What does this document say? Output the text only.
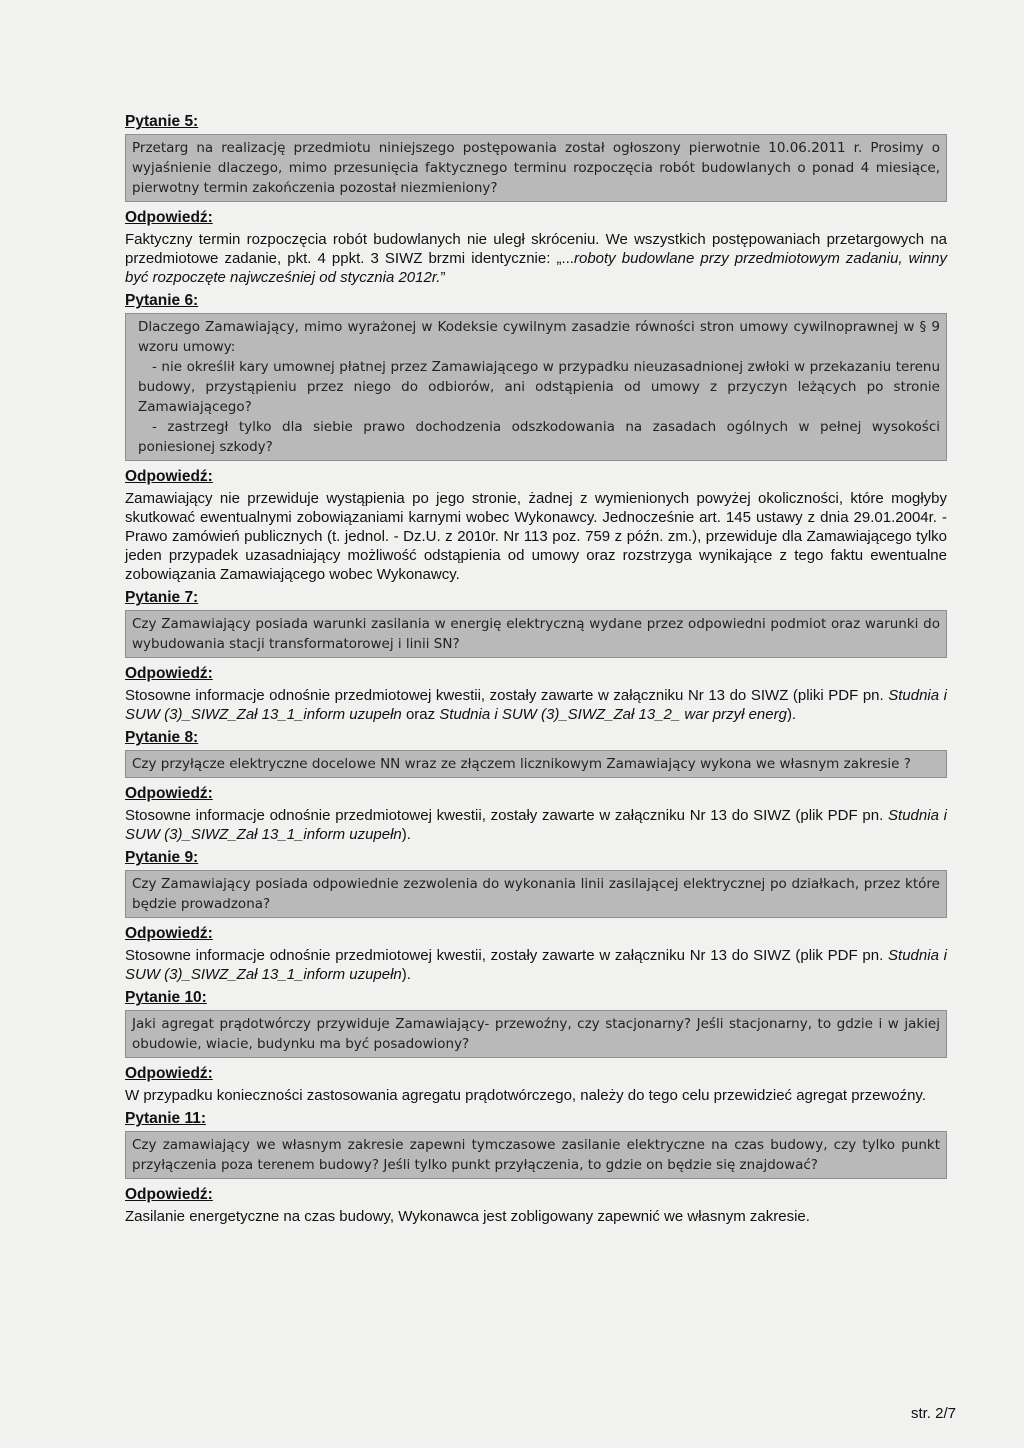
Pytanie 5:
Przetarg na realizację przedmiotu niniejszego postępowania został ogłoszony pierwotnie 10.06.2011 r. Prosimy o wyjaśnienie dlaczego, mimo przesunięcia faktycznego terminu rozpoczęcia robót budowlanych o ponad 4 miesiące, pierwotny termin zakończenia pozostał niezmieniony?
Odpowiedź:
Faktyczny termin rozpoczęcia robót budowlanych nie uległ skróceniu. We wszystkich postępowaniach przetargowych na przedmiotowe zadanie, pkt. 4 ppkt. 3 SIWZ brzmi identycznie: „...roboty budowlane przy przedmiotowym zadaniu, winny być rozpoczęte najwcześniej od stycznia 2012r.”
Pytanie 6:
Dlaczego Zamawiający, mimo wyrażonej w Kodeksie cywilnym zasadzie równości stron umowy cywilnoprawnej w § 9 wzoru umowy:
- nie określił kary umownej płatnej przez Zamawiającego w przypadku nieuzasadnionej zwłoki w przekazaniu terenu budowy, przystąpieniu przez niego do odbiorów, ani odstąpienia od umowy z przyczyn leżących po stronie Zamawiającego?
- zastrzegł tylko dla siebie prawo dochodzenia odszkodowania na zasadach ogólnych w pełnej wysokości poniesionej szkody?
Odpowiedź:
Zamawiający nie przewiduje wystąpienia po jego stronie, żadnej z wymienionych powyżej okoliczności, które mogłyby skutkować ewentualnymi zobowiązaniami karnymi wobec Wykonawcy. Jednocześnie art. 145 ustawy z dnia 29.01.2004r. - Prawo zamówień publicznych (t. jednol. - Dz.U. z 2010r. Nr 113 poz. 759 z późn. zm.), przewiduje dla Zamawiającego tylko jeden przypadek uzasadniający możliwość odstąpienia od umowy oraz rozstrzyga wynikające z tego faktu ewentualne zobowiązania Zamawiającego wobec Wykonawcy.
Pytanie 7:
Czy Zamawiający posiada warunki zasilania w energię elektryczną wydane przez odpowiedni podmiot oraz warunki do wybudowania stacji transformatorowej i linii SN?
Odpowiedź:
Stosowne informacje odnośnie przedmiotowej kwestii, zostały zawarte w załączniku Nr 13 do SIWZ (pliki PDF pn. Studnia i SUW (3)_SIWZ_Zał 13_1_inform uzupełn oraz Studnia i SUW (3)_SIWZ_Zał 13_2_ war przył energ).
Pytanie 8:
Czy przyłącze elektryczne docelowe NN wraz ze złączem licznikowym Zamawiający wykona we własnym zakresie ?
Odpowiedź:
Stosowne informacje odnośnie przedmiotowej kwestii, zostały zawarte w załączniku Nr 13 do SIWZ (plik PDF pn. Studnia i SUW (3)_SIWZ_Zał 13_1_inform uzupełn).
Pytanie 9:
Czy Zamawiający posiada odpowiednie zezwolenia do wykonania linii zasilającej elektrycznej po działkach, przez które będzie prowadzona?
Odpowiedź:
Stosowne informacje odnośnie przedmiotowej kwestii, zostały zawarte w załączniku Nr 13 do SIWZ (plik PDF pn. Studnia i SUW (3)_SIWZ_Zał 13_1_inform uzupełn).
Pytanie 10:
Jaki agregat prądotwórczy przywiduje Zamawiający- przewoźny, czy stacjonarny? Jeśli stacjonarny, to gdzie i w jakiej obudowie, wiacie, budynku ma być posadowiony?
Odpowiedź:
W przypadku konieczności zastosowania agregatu prądotwórczego, należy do tego celu przewidzieć agregat przewoźny.
Pytanie 11:
Czy zamawiający we własnym zakresie zapewni tymczasowe zasilanie elektryczne na czas budowy, czy tylko punkt przyłączenia poza terenem budowy? Jeśli tylko punkt przyłączenia, to gdzie on będzie się znajdować?
Odpowiedź:
Zasilanie energetyczne na czas budowy, Wykonawca jest zobligowany zapewnić we własnym zakresie.
str. 2/7
